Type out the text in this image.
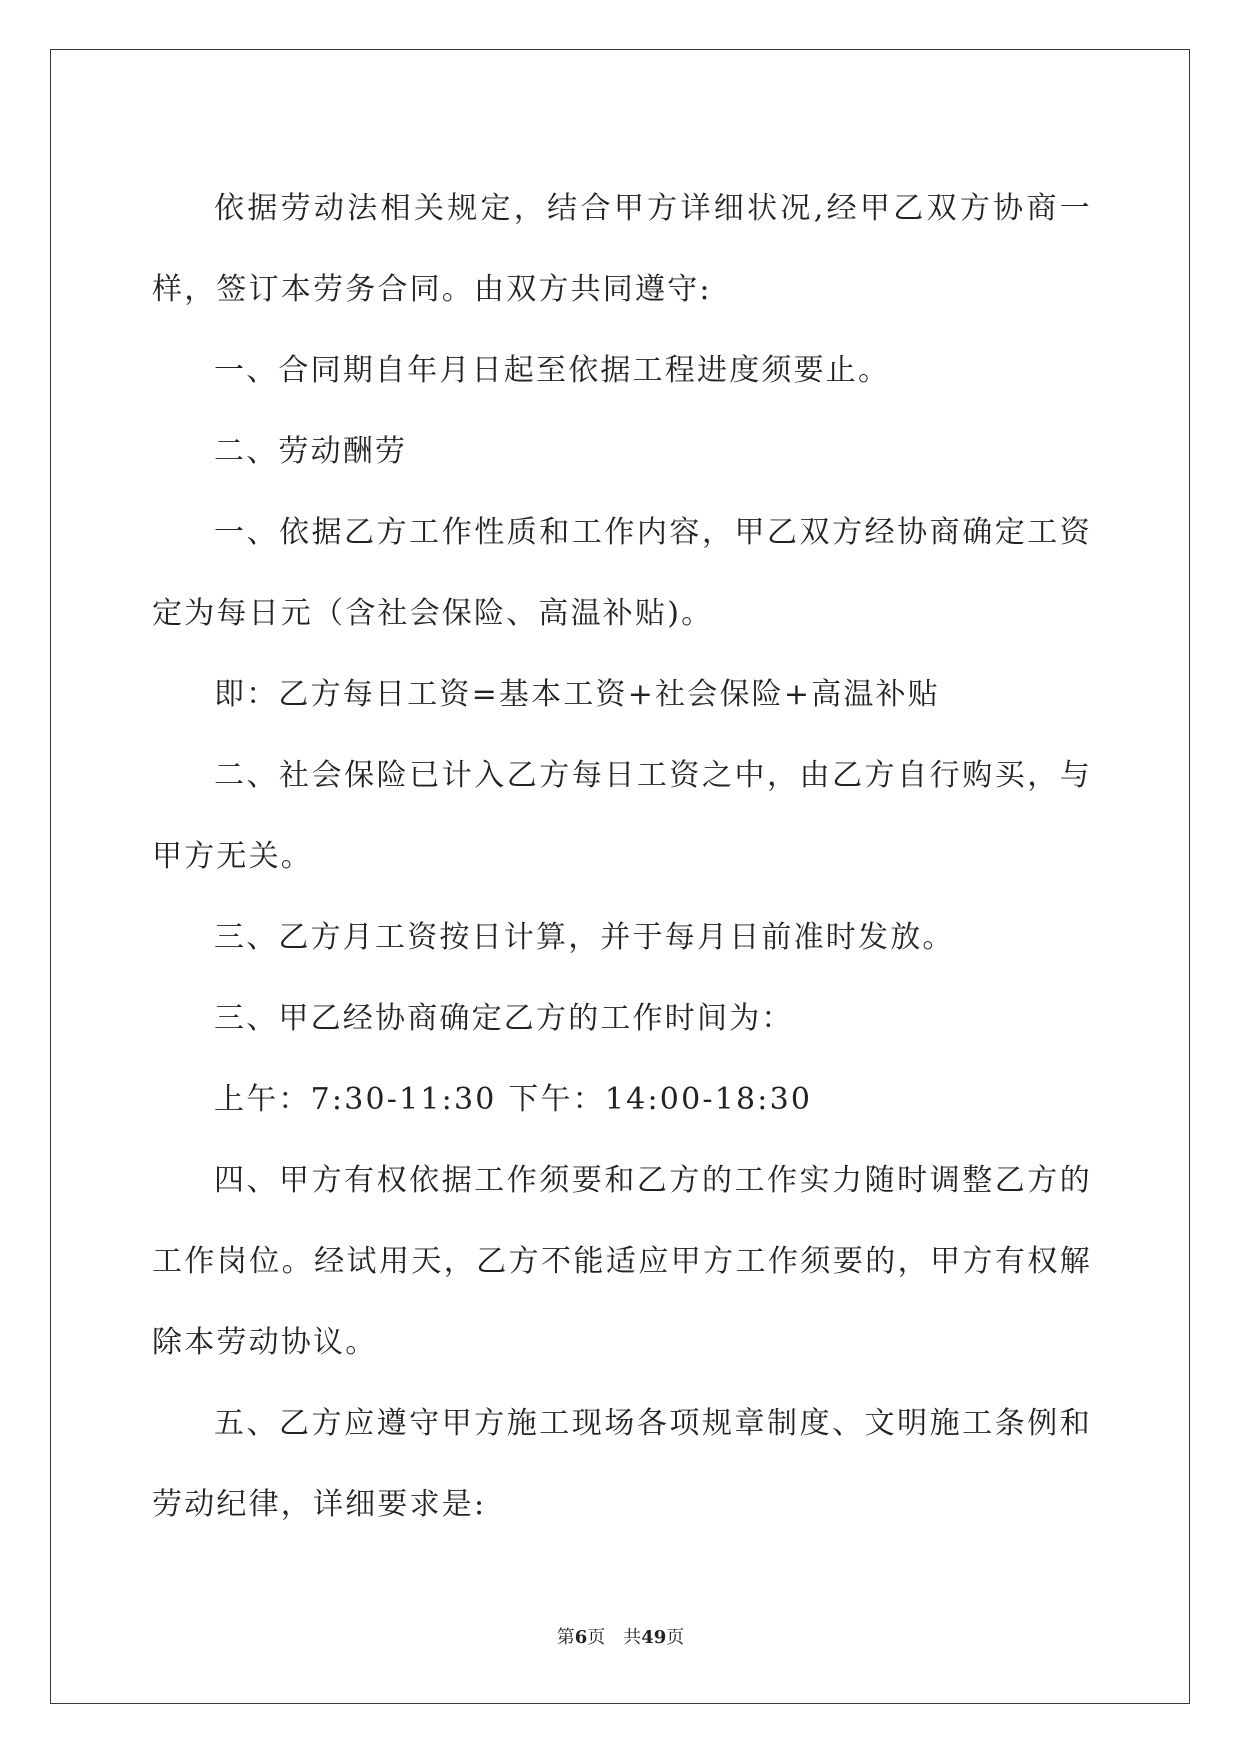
依据劳动法相关规定，结合甲方详细状况,经甲乙双方协商一样，签订本劳务合同。由双方共同遵守:

一、合同期自年月日起至依据工程进度须要止。

二、劳动酬劳

一、依据乙方工作性质和工作内容，甲乙双方经协商确定工资定为每日元（含社会保险、高温补贴)。

即：乙方每日工资=基本工资+社会保险+高温补贴

二、社会保险已计入乙方每日工资之中，由乙方自行购买，与甲方无关。

三、乙方月工资按日计算，并于每月日前准时发放。

三、甲乙经协商确定乙方的工作时间为：

上午：7:30-11:30 下午：14:00-18:30

四、甲方有权依据工作须要和乙方的工作实力随时调整乙方的工作岗位。经试用天，乙方不能适应甲方工作须要的，甲方有权解除本劳动协议。

五、乙方应遵守甲方施工现场各项规章制度、文明施工条例和劳动纪律，详细要求是:

第6页 共49页
